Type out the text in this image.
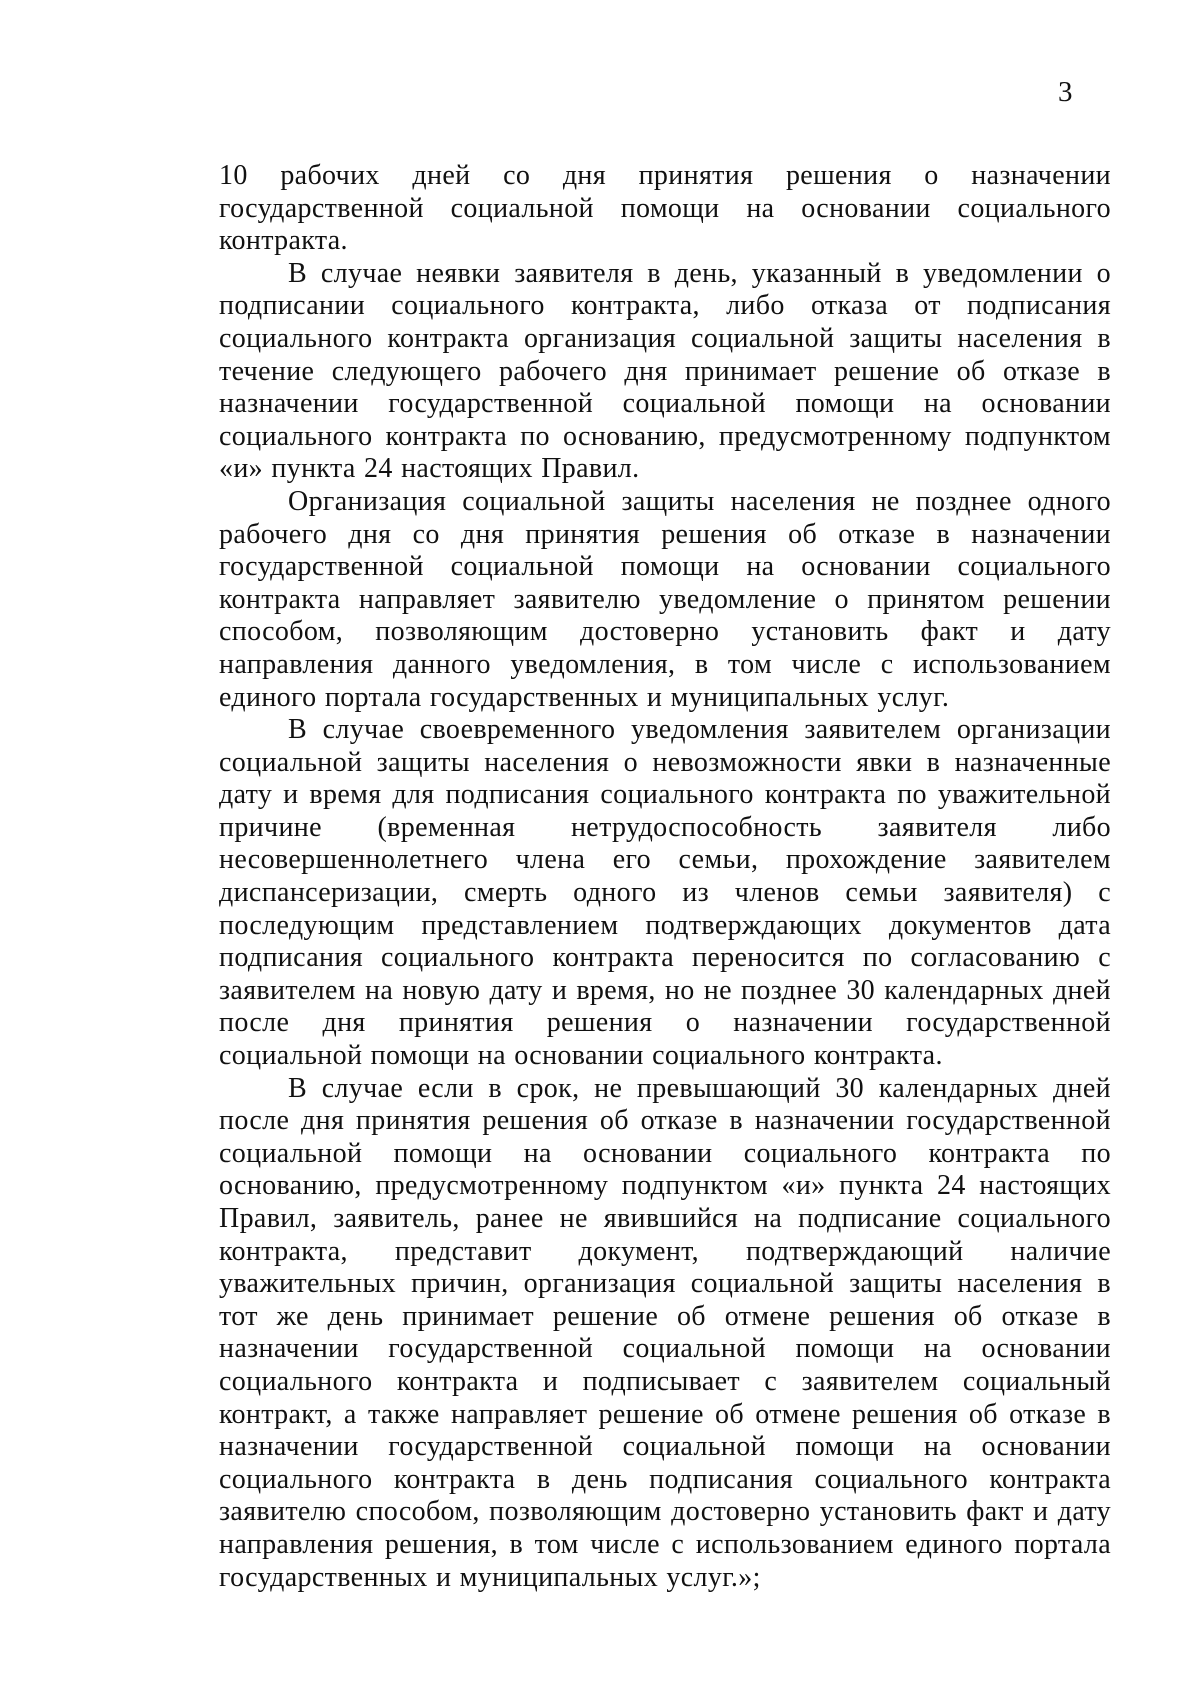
3

10 рабочих дней со дня принятия решения о назначении государственной социальной помощи на основании социального контракта.

В случае неявки заявителя в день, указанный в уведомлении о подписании социального контракта, либо отказа от подписания социального контракта организация социальной защиты населения в течение следующего рабочего дня принимает решение об отказе в назначении государственной социальной помощи на основании социального контракта по основанию, предусмотренному подпунктом «и» пункта 24 настоящих Правил.

Организация социальной защиты населения не позднее одного рабочего дня со дня принятия решения об отказе в назначении государственной социальной помощи на основании социального контракта направляет заявителю уведомление о принятом решении способом, позволяющим достоверно установить факт и дату направления данного уведомления, в том числе с использованием единого портала государственных и муниципальных услуг.

В случае своевременного уведомления заявителем организации социальной защиты населения о невозможности явки в назначенные дату и время для подписания социального контракта по уважительной причине (временная нетрудоспособность заявителя либо несовершеннолетнего члена его семьи, прохождение заявителем диспансеризации, смерть одного из членов семьи заявителя) с последующим представлением подтверждающих документов дата подписания социального контракта переносится по согласованию с заявителем на новую дату и время, но не позднее 30 календарных дней после дня принятия решения о назначении государственной социальной помощи на основании социального контракта.

В случае если в срок, не превышающий 30 календарных дней после дня принятия решения об отказе в назначении государственной социальной помощи на основании социального контракта по основанию, предусмотренному подпунктом «и» пункта 24 настоящих Правил, заявитель, ранее не явившийся на подписание социального контракта, представит документ, подтверждающий наличие уважительных причин, организация социальной защиты населения в тот же день принимает решение об отмене решения об отказе в назначении государственной социальной помощи на основании социального контракта и подписывает с заявителем социальный контракт, а также направляет решение об отмене решения об отказе в назначении государственной социальной помощи на основании социального контракта в день подписания социального контракта заявителю способом, позволяющим достоверно установить факт и дату направления решения, в том числе с использованием единого портала государственных и муниципальных услуг.»;
